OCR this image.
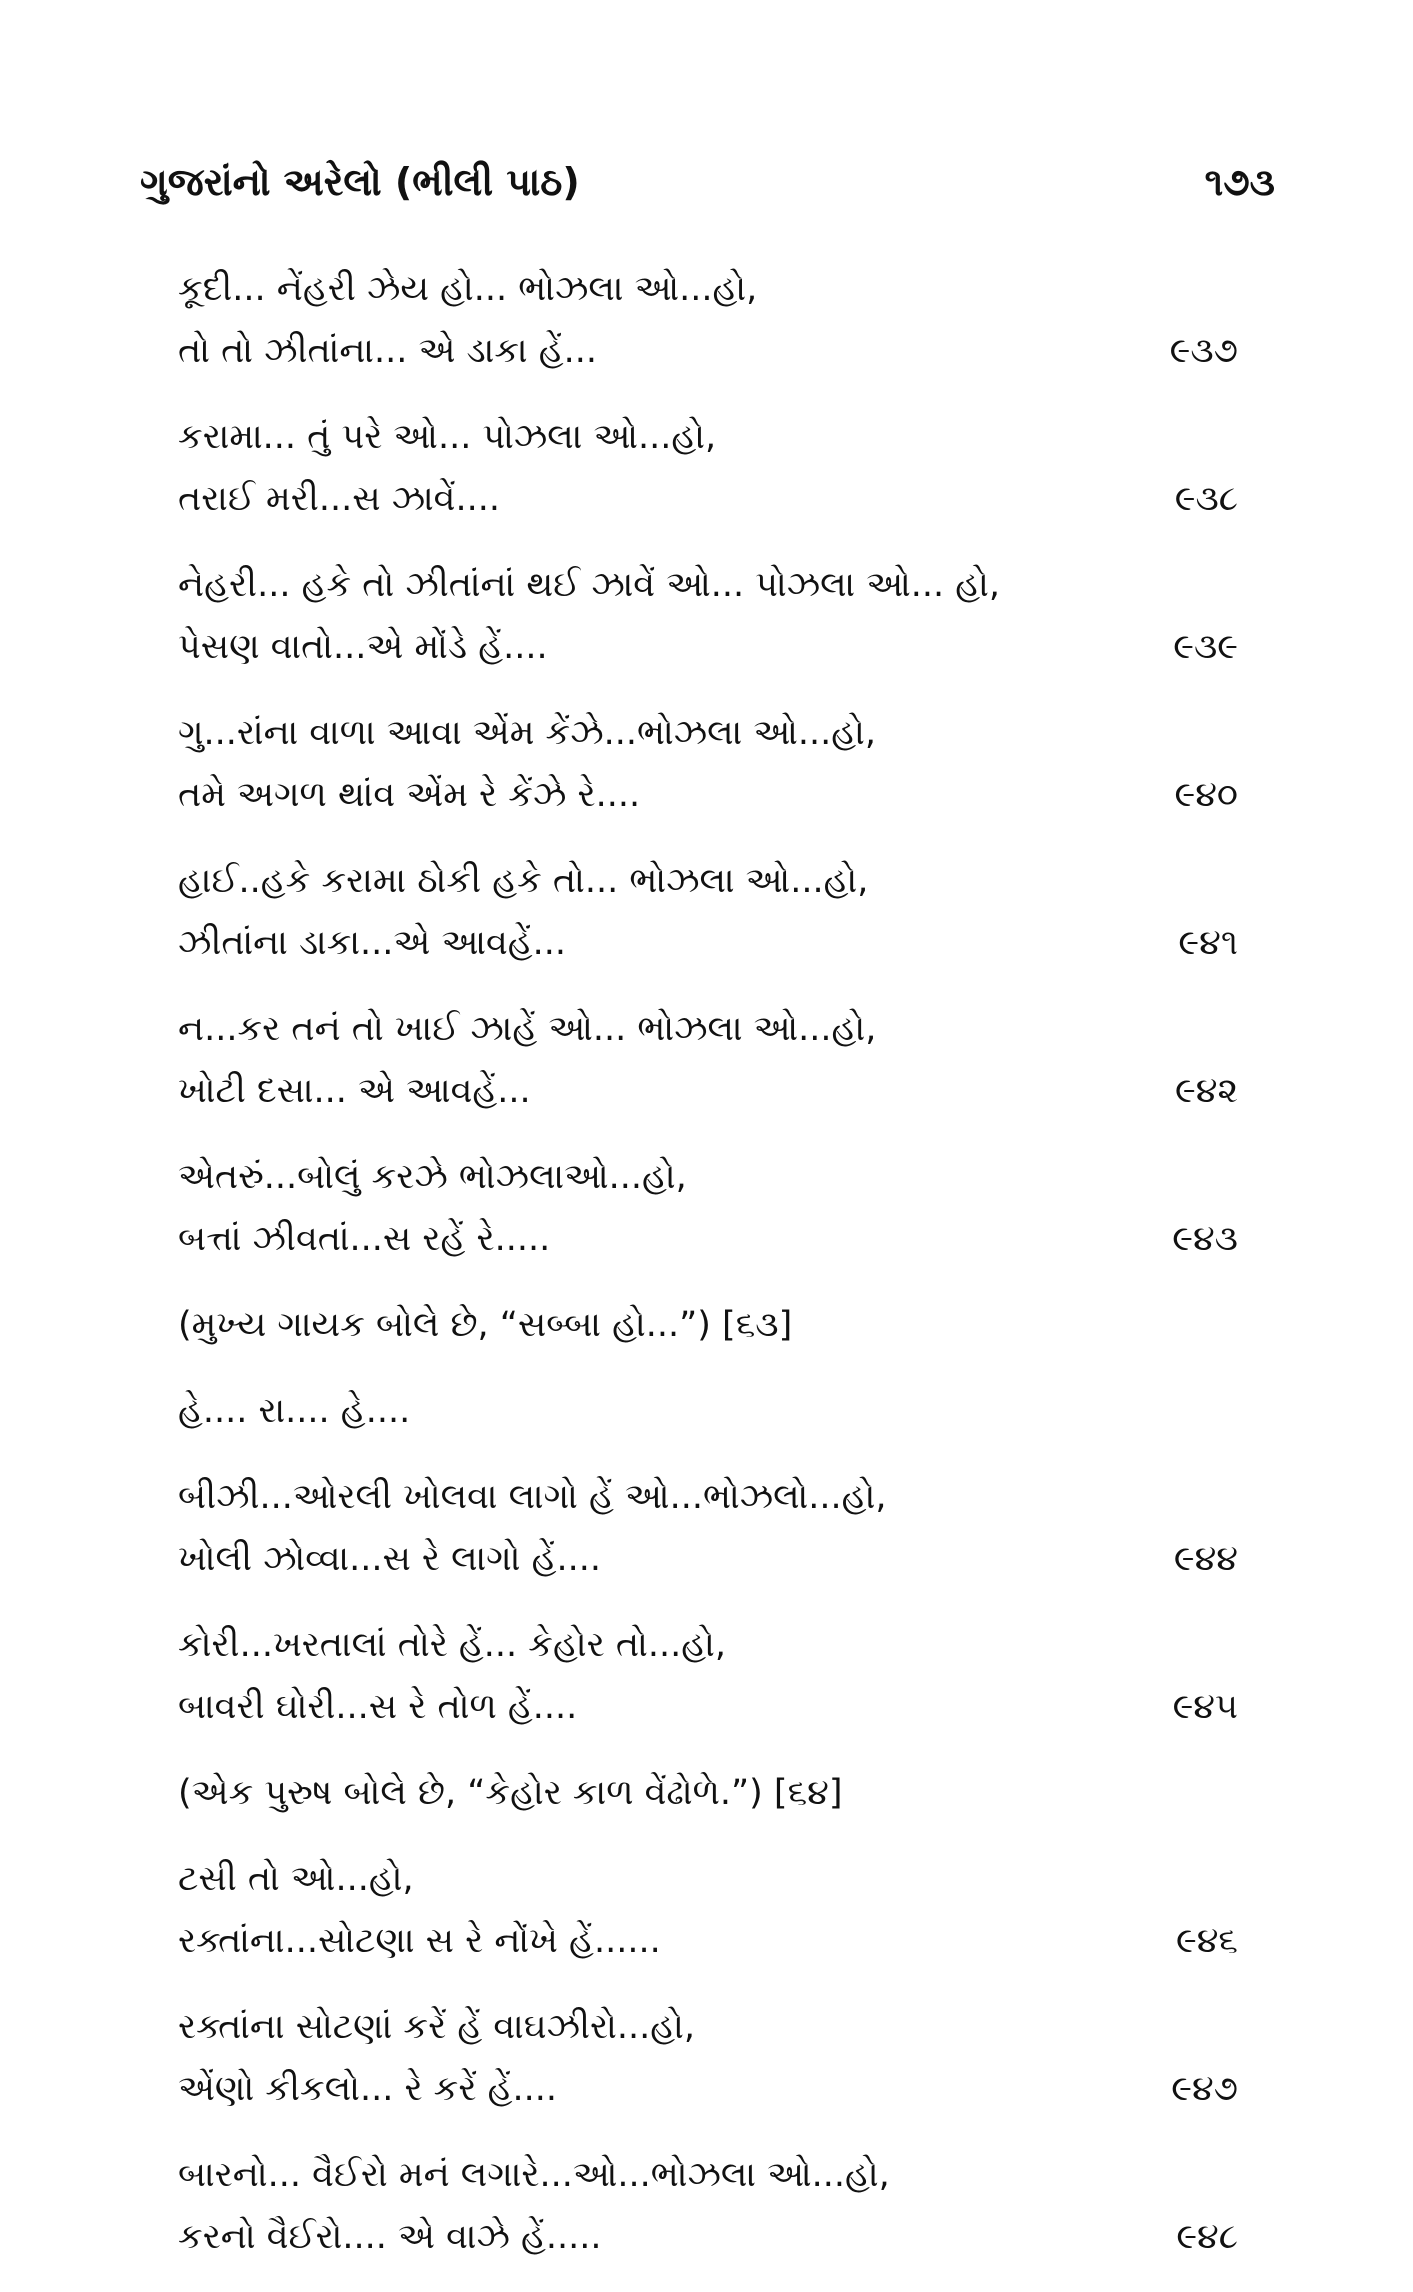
ગુજરાંનો અરેલો (ભીલી પાઠ)	૧૭૩
કૂદી... નેંહરી ઝેય હો... ભોઝલા ઓ...હો,
તો તો ઝીતાંના... એ ડાકા હેં...	૯૩૭
કરામા... તું પરે ઓ... પોઝલા ઓ...હો,
તરાઈ મરી...સ ઝાવેં....	૯૩૮
નેહરી... હકે તો ઝીતાંનાં થઈ ઝાવેં ઓ... પોઝલા ઓ... હો,
પેસણ વાતો...એ મોંડે હેં....	૯૩૯
ગુ...રાંના વાળા આવા એંમ કેંઝે...ભોઝલા ઓ...હો,
તમે અગળ થાંવ એંમ રે કેંઝે રે....	૯૪૦
હાઈ..હકે કરામા ઠોકી હકે તો... ભોઝલા ઓ...હો,
ઝીતાંના ડાકા...એ આવહેં...	૯૪૧
ન...કર તનં તો ખાઈ ઝાહેં ઓ... ભોઝલા ઓ...હો,
ખોટી દસા... એ આવહેં...	૯૪૨
એતરું...બોલું કરઝે ભોઝલાઓ...હો,
બત્તાં ઝીવતાં...સ રહેં રે.....	૯૪૩
(મુખ્ય ગાયક બોલે છે, “સબ્બા હો...”) [૬૩]
હે.... રા.... હે....
બીઝી...ઓરલી ખોલવા લાગો હેં ઓ...ભોઝલો...હો,
ખોલી ઝોવ્વા...સ રે લાગો હેં....	૯૪૪
કોરી...ખરતાલાં તોરે હેં... કેહોર તો...હો,
બાવરી ઘોરી...સ રે તોળ હેં....	૯૪૫
(એક પુરુષ બોલે છે, “કેહોર કાળ વેંઢોળે.”) [૬૪]
ટસી તો ઓ...હો,
રક્તાંના...સોટણા સ રે નોંખે હેં......	૯૪૬
રક્તાંના સોટણાં કરેં હેં વાઘઝીરો...હો,
એંણો કીકલો... રે કરેં હેં....	૯૪૭
બારનો... વૈઈરો મનં લગારે...ઓ...ભોઝલા ઓ...હો,
કરનો વૈઈરો.... એ વાઝે હેં.....	૯૪૮
